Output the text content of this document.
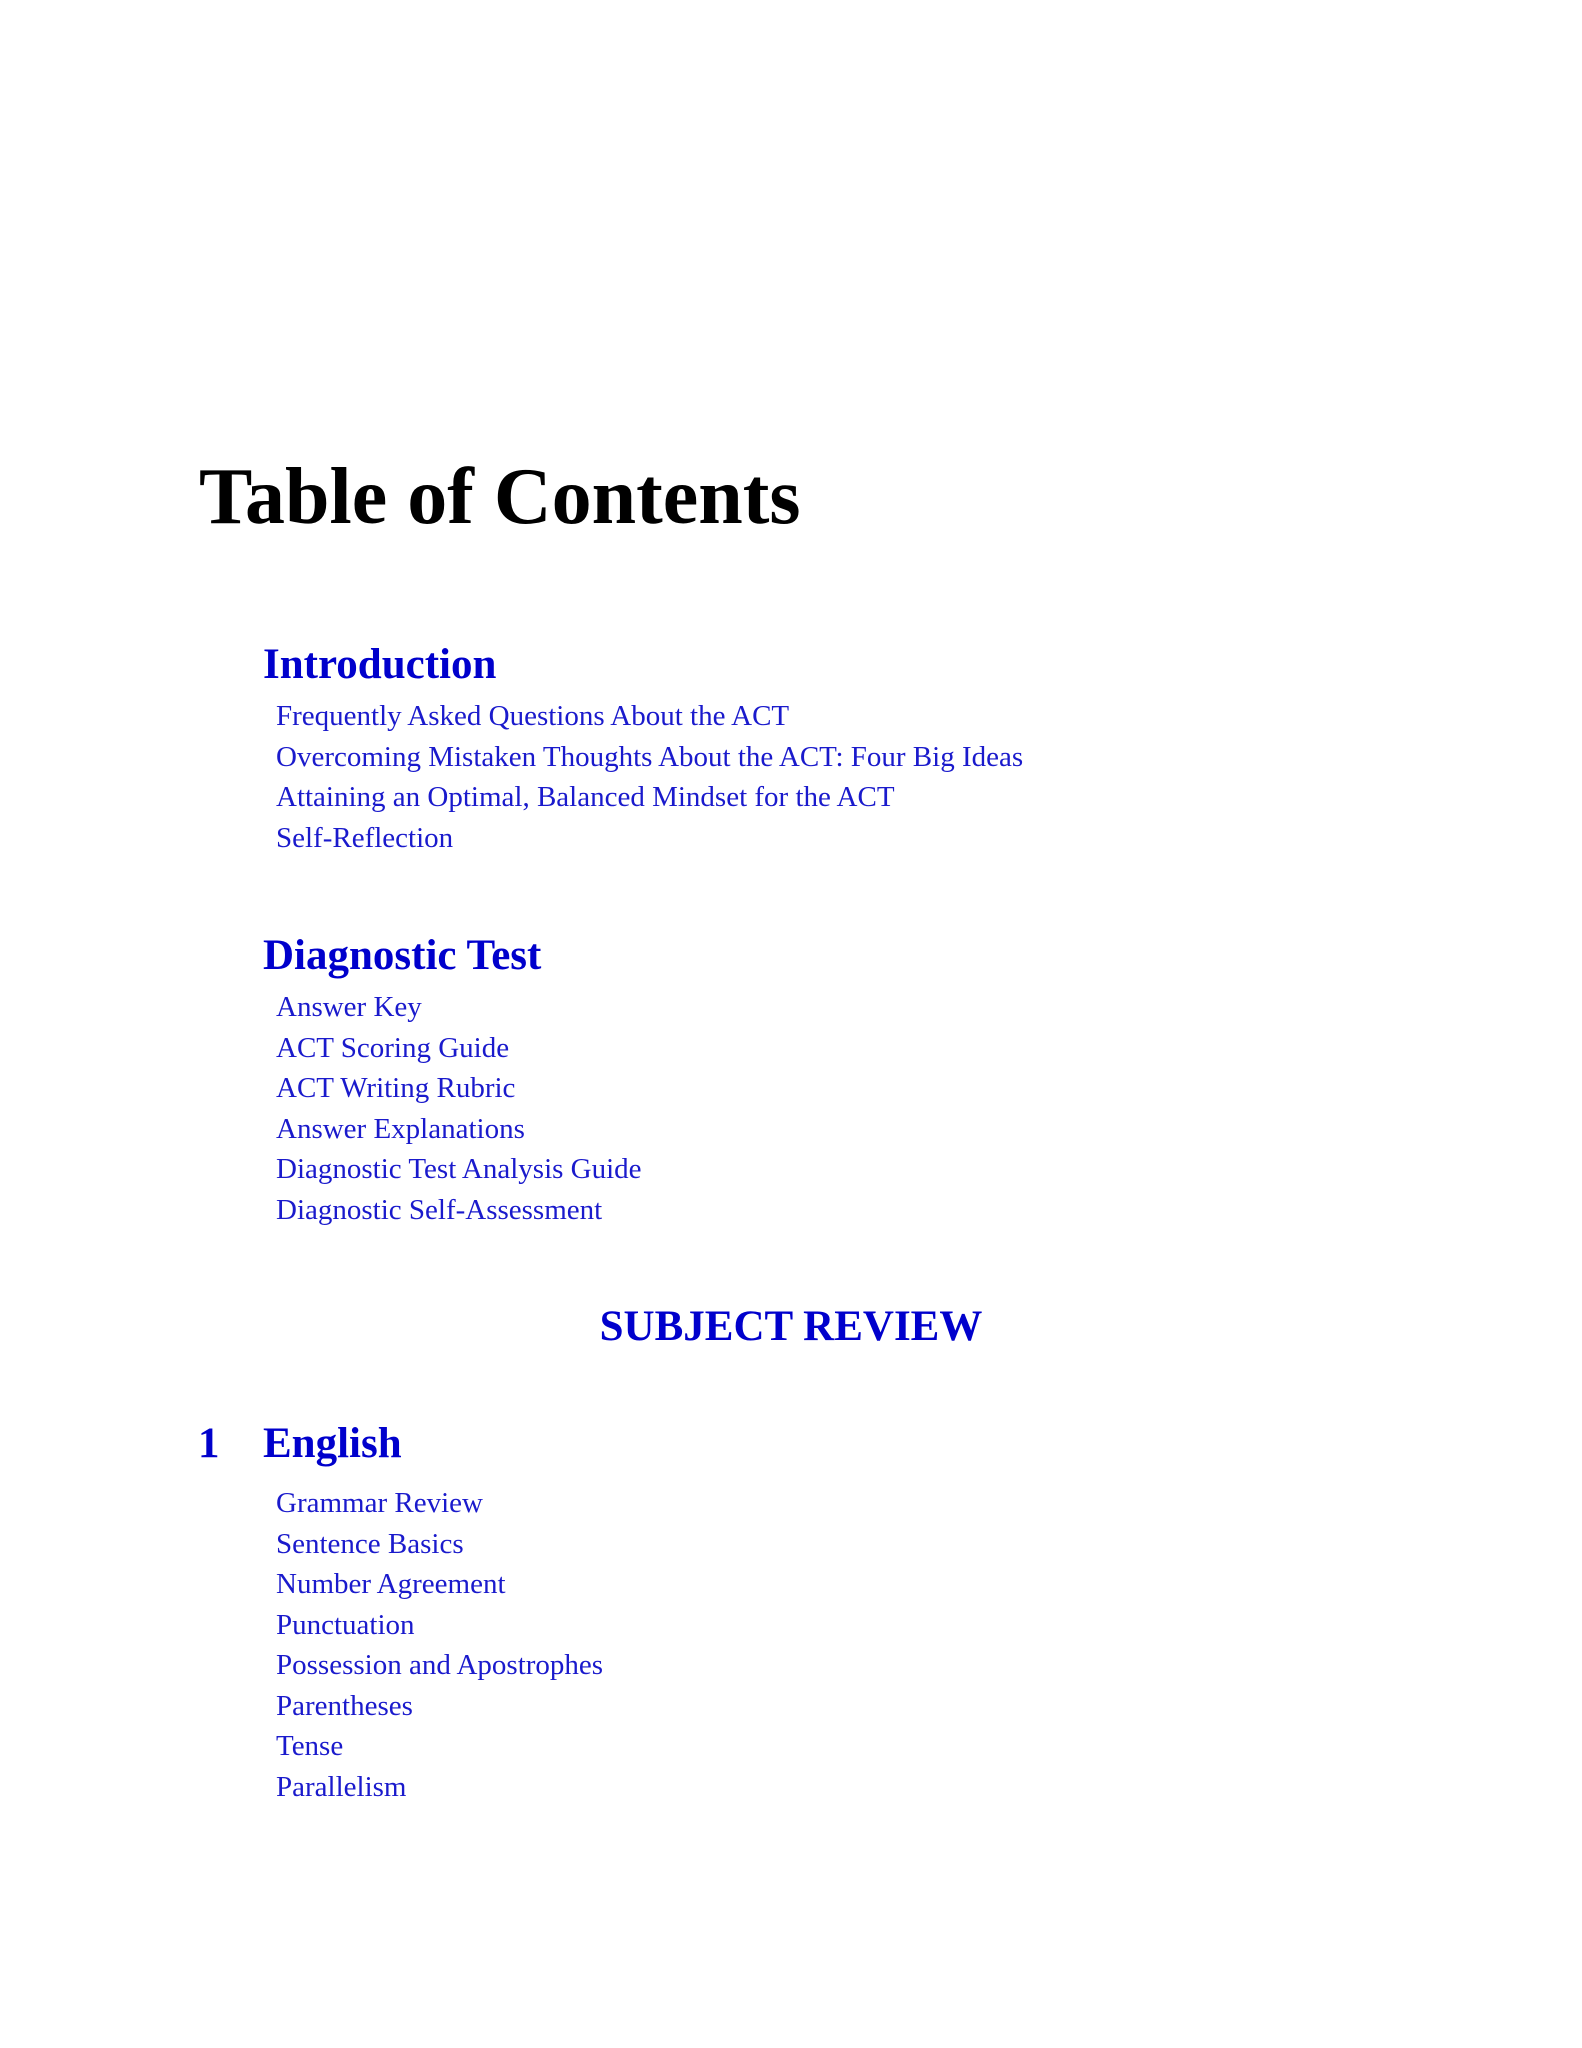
Table of Contents
Introduction
Frequently Asked Questions About the ACT
Overcoming Mistaken Thoughts About the ACT: Four Big Ideas
Attaining an Optimal, Balanced Mindset for the ACT
Self-Reflection
Diagnostic Test
Answer Key
ACT Scoring Guide
ACT Writing Rubric
Answer Explanations
Diagnostic Test Analysis Guide
Diagnostic Self-Assessment
SUBJECT REVIEW
1 English
Grammar Review
Sentence Basics
Number Agreement
Punctuation
Possession and Apostrophes
Parentheses
Tense
Parallelism
